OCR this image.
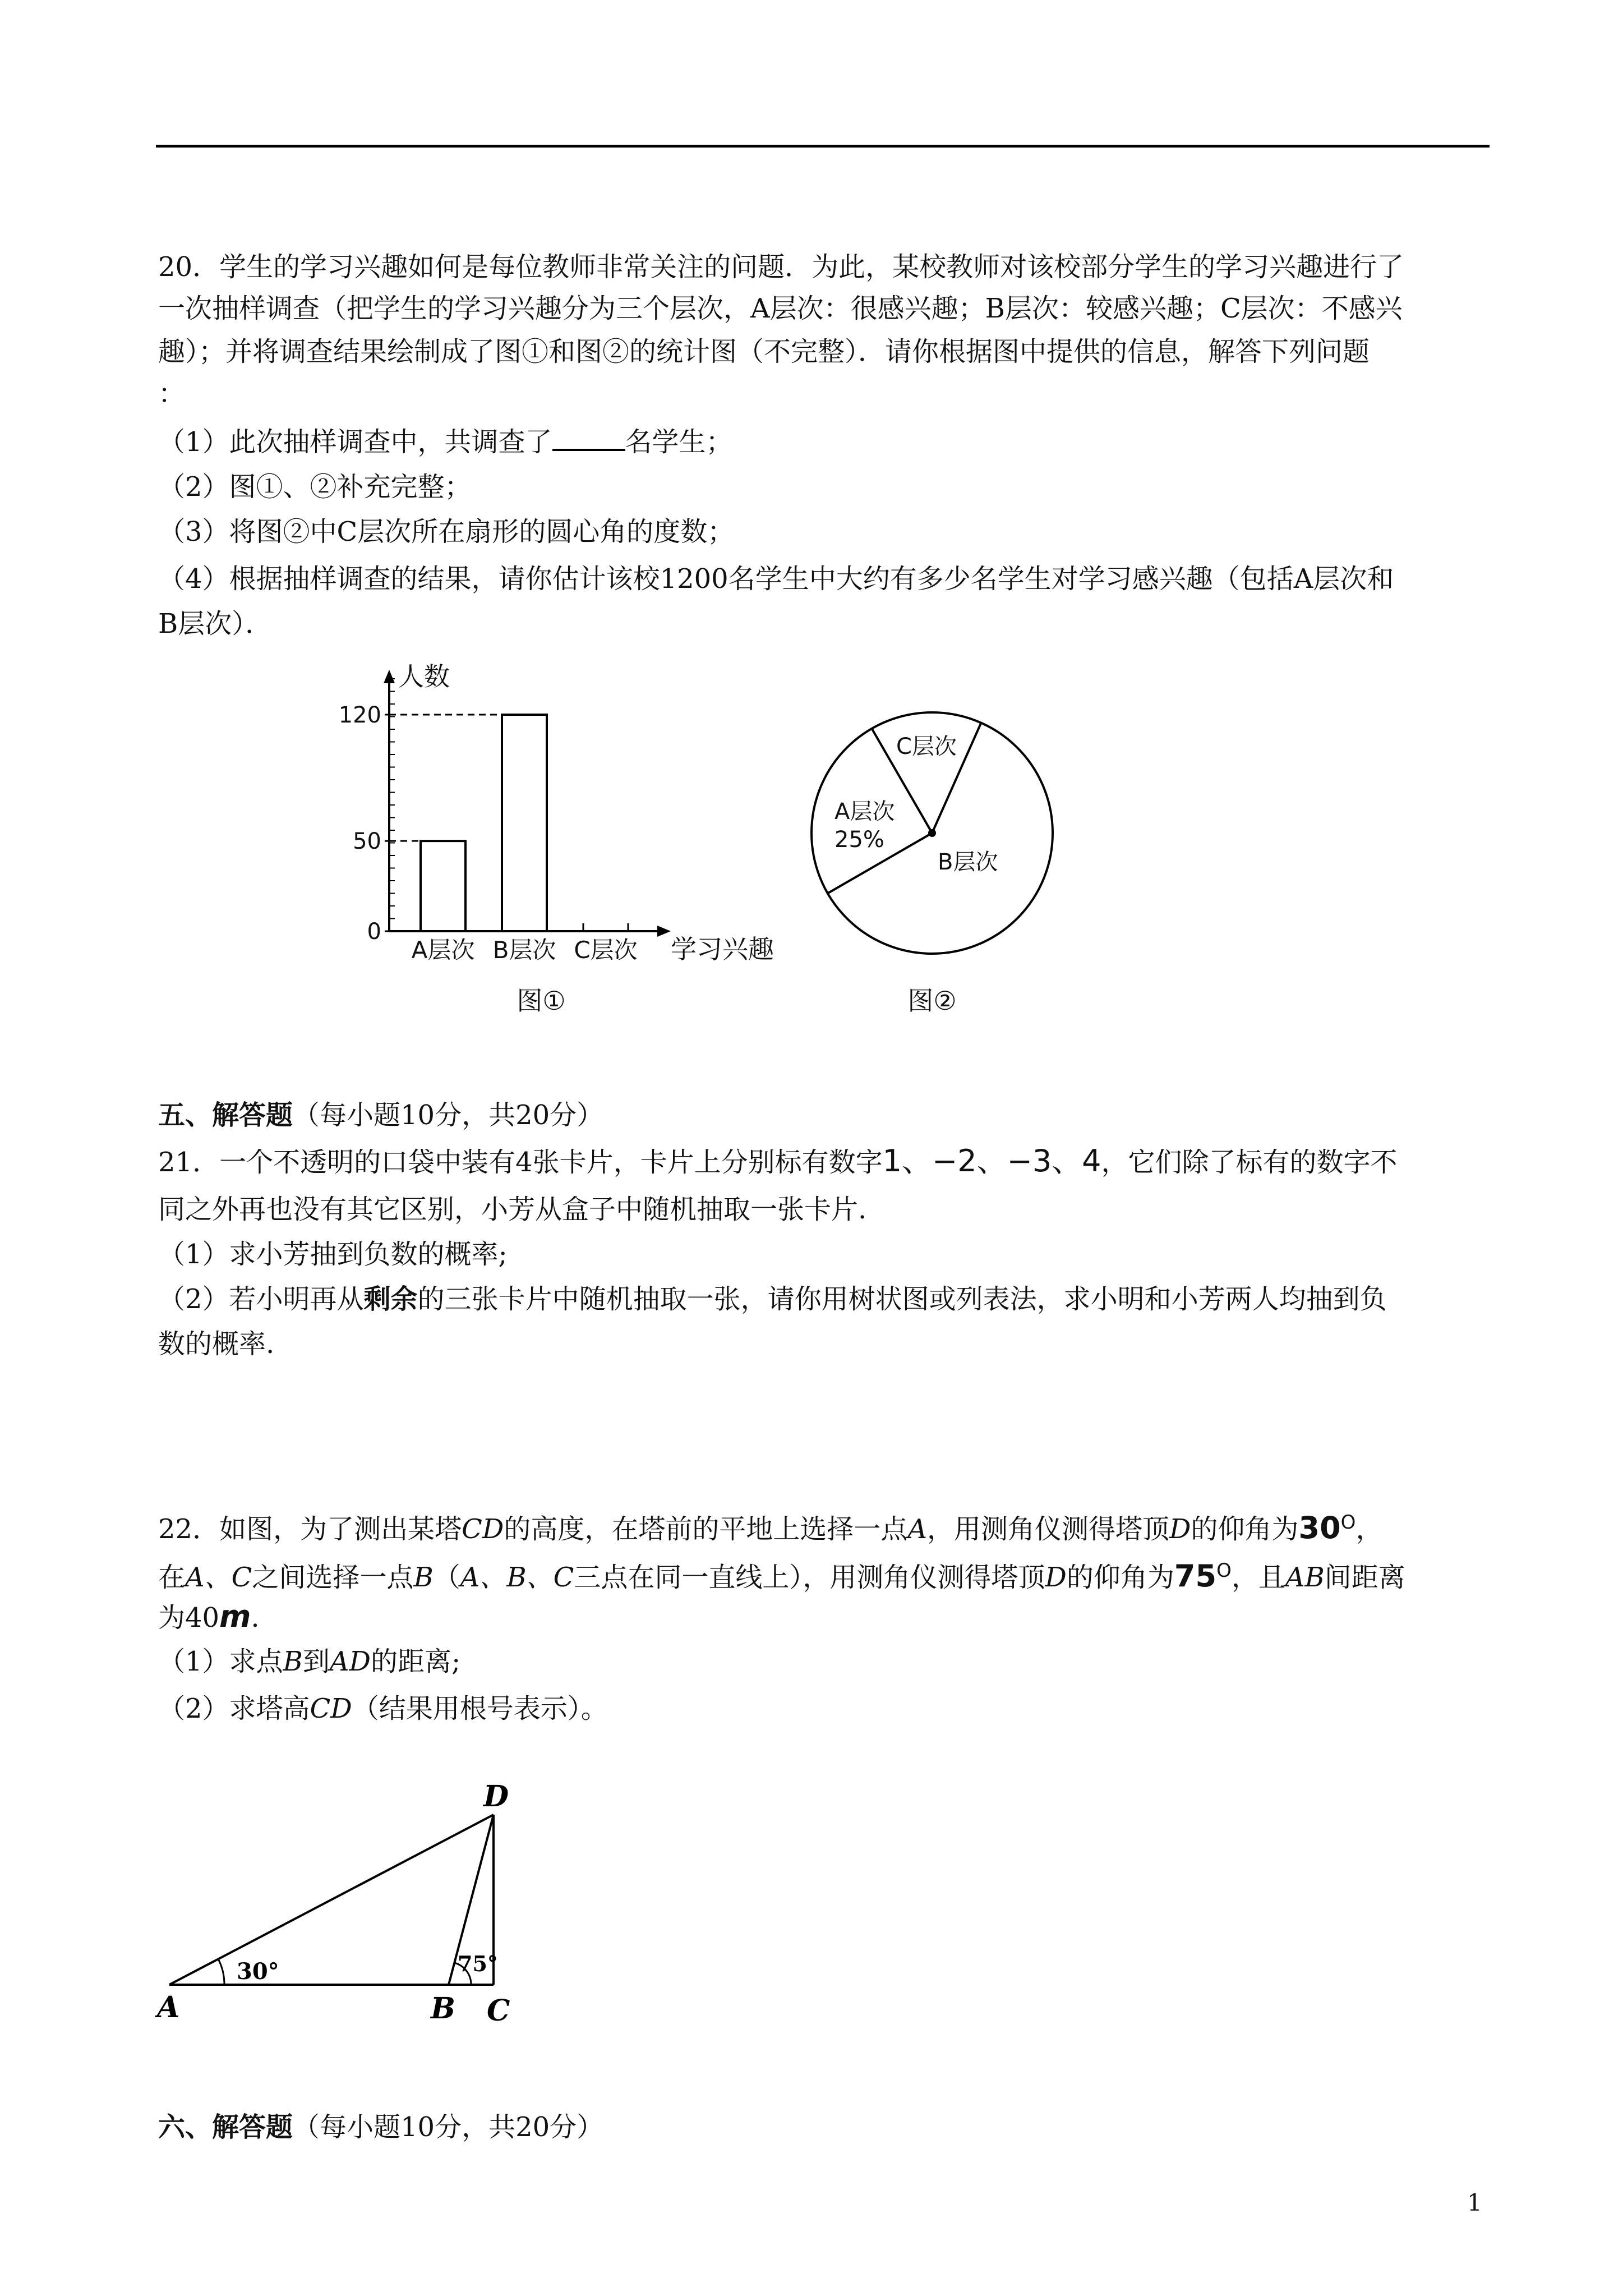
20．学生的学习兴趣如何是每位教师非常关注的问题．为此，某校教师对该校部分学生的学习兴趣进行了
一次抽样调查（把学生的学习兴趣分为三个层次，A层次：很感兴趣；B层次：较感兴趣；C层次：不感兴
趣）；并将调查结果绘制成了图①和图②的统计图（不完整）．请你根据图中提供的信息，解答下列问题
：
（1）此次抽样调查中，共调查了	名学生；
（2）图①、②补充完整；
（3）将图②中C层次所在扇形的圆心角的度数；
（4）根据抽样调查的结果，请你估计该校1200名学生中大约有多少名学生对学习感兴趣（包括A层次和
B层次）．
人数
学习兴趣
图①
0
50
120
A层次 B层次 C层次
C层次
A层次
25%
B层次
图②
五、解答题（每小题10分，共20分）
21．一个不透明的口袋中装有4张卡片，卡片上分别标有数字1、−2、−3、4，它们除了标有的数字不
同之外再也没有其它区别，小芳从盒子中随机抽取一张卡片.
（1）求小芳抽到负数的概率;
（2）若小明再从剩余的三张卡片中随机抽取一张，请你用树状图或列表法，求小明和小芳两人均抽到负
数的概率.
22．如图，为了测出某塔CD的高度，在塔前的平地上选择一点A，用测角仪测得塔顶D的仰角为$30^O$，
在A、C之间选择一点B（A、B、C三点在同一直线上），用测角仪测得塔顶D的仰角为$75^O$，且AB间距离
为40m.
（1）求点B到AD的距离;
（2）求塔高CD（结果用根号表示）。
30°	75°
A	B C
D
六、解答题（每小题10分，共20分）
1
